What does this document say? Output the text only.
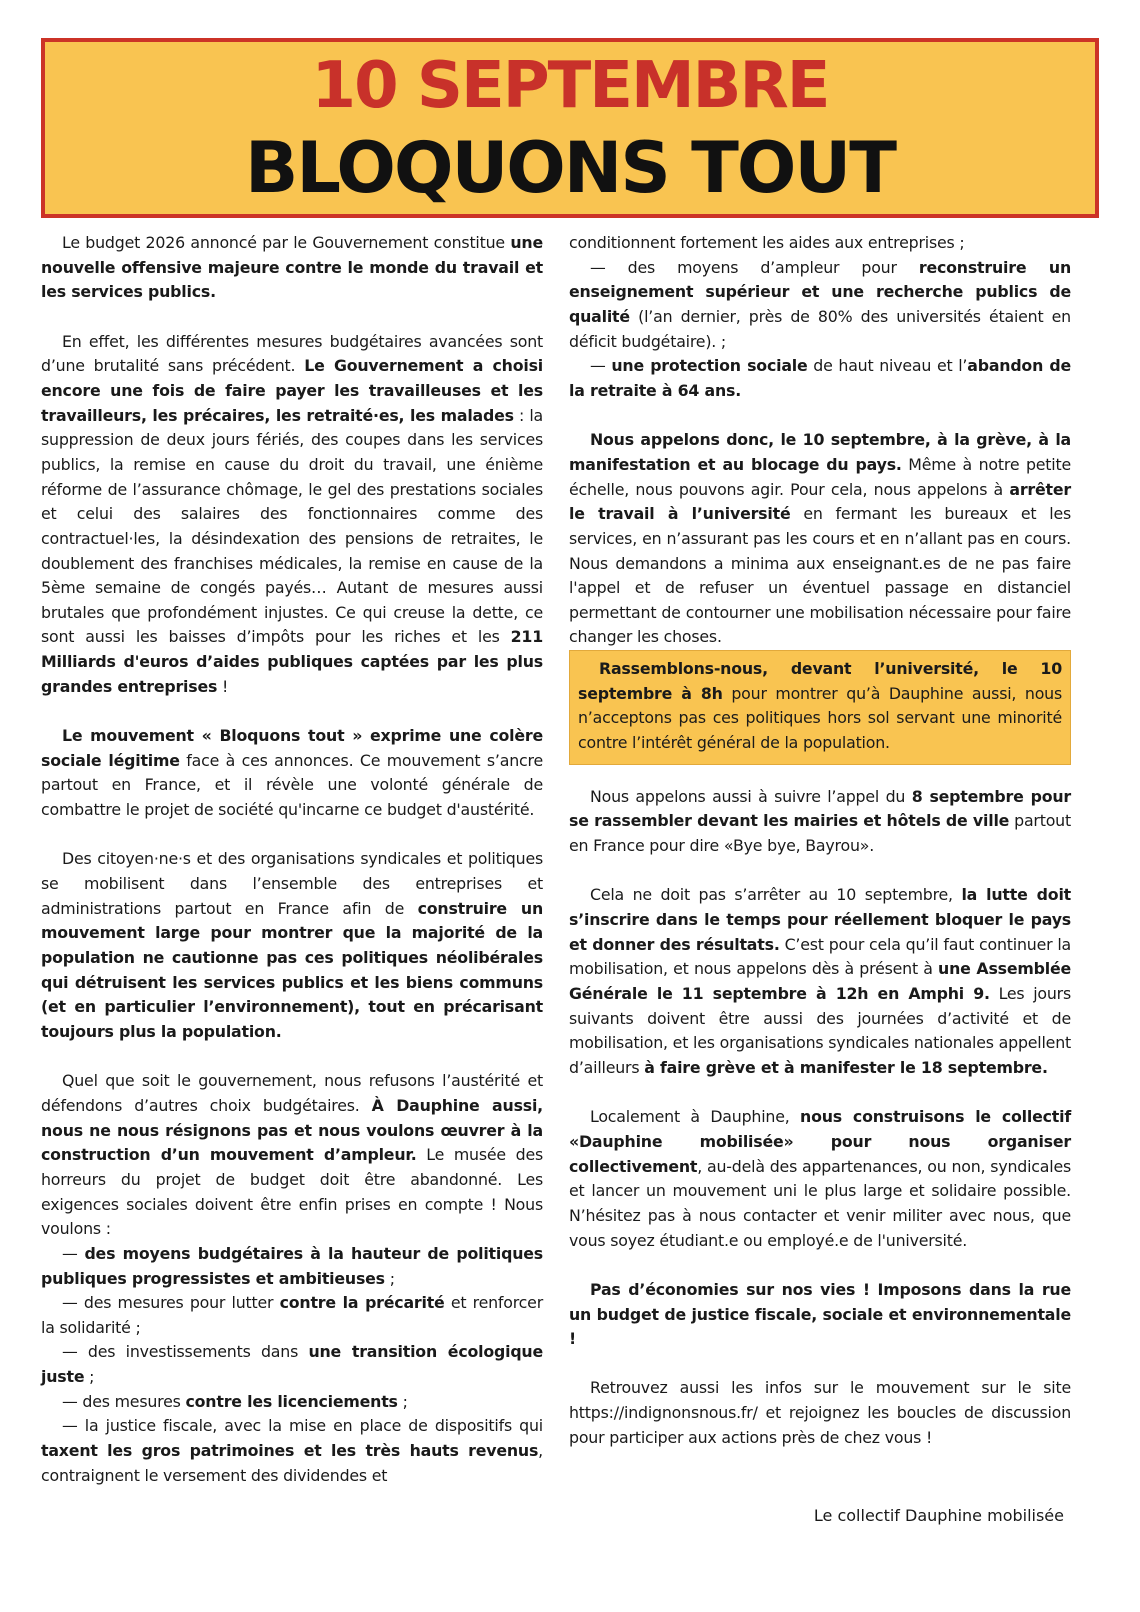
10 SEPTEMBRE
BLOQUONS TOUT

Le budget 2026 annoncé par le Gouvernement constitue une nouvelle offensive majeure contre le monde du travail et les services publics.

En effet, les différentes mesures budgétaires avancées sont d’une brutalité sans précédent. Le Gouvernement a choisi encore une fois de faire payer les travailleuses et les travailleurs, les précaires, les retraité·es, les malades : la suppression de deux jours fériés, des coupes dans les services publics, la remise en cause du droit du travail, une énième réforme de l’assurance chômage, le gel des prestations sociales et celui des salaires des fonctionnaires comme des contractuel·les, la désindexation des pensions de retraites, le doublement des franchises médicales, la remise en cause de la 5ème semaine de congés payés… Autant de mesures aussi brutales que profondément injustes. Ce qui creuse la dette, ce sont aussi les baisses d’impôts pour les riches et les 211 Milliards d'euros d’aides publiques captées par les plus grandes entreprises !

Le mouvement « Bloquons tout » exprime une colère sociale légitime face à ces annonces. Ce mouvement s’ancre partout en France, et il révèle une volonté générale de combattre le projet de société qu'incarne ce budget d'austérité.

Des citoyen·ne·s et des organisations syndicales et politiques se mobilisent dans l’ensemble des entreprises et administrations partout en France afin de construire un mouvement large pour montrer que la majorité de la population ne cautionne pas ces politiques néolibérales qui détruisent les services publics et les biens communs (et en particulier l’environnement), tout en précarisant toujours plus la population.

Quel que soit le gouvernement, nous refusons l’austérité et défendons d’autres choix budgétaires. À Dauphine aussi, nous ne nous résignons pas et nous voulons œuvrer à la construction d’un mouvement d’ampleur. Le musée des horreurs du projet de budget doit être abandonné. Les exigences sociales doivent être enfin prises en compte ! Nous voulons :

— des moyens budgétaires à la hauteur de politiques publiques progressistes et ambitieuses ;

— des mesures pour lutter contre la précarité et renforcer la solidarité ;

— des investissements dans une transition écologique juste ;

— des mesures contre les licenciements ;

— la justice fiscale, avec la mise en place de dispositifs qui taxent les gros patrimoines et les très hauts revenus, contraignent le versement des dividendes et

conditionnent fortement les aides aux entreprises ;

— des moyens d’ampleur pour reconstruire un enseignement supérieur et une recherche publics de qualité (l’an dernier, près de 80% des universités étaient en déficit budgétaire). ;

— une protection sociale de haut niveau et l’abandon de la retraite à 64 ans.

Nous appelons donc, le 10 septembre, à la grève, à la manifestation et au blocage du pays. Même à notre petite échelle, nous pouvons agir. Pour cela, nous appelons à arrêter le travail à l’université en fermant les bureaux et les services, en n’assurant pas les cours et en n’allant pas en cours. Nous demandons a minima aux enseignant.es de ne pas faire l'appel et de refuser un éventuel passage en distanciel permettant de contourner une mobilisation nécessaire pour faire changer les choses.

Rassemblons-nous, devant l’université, le 10 septembre à 8h pour montrer qu’à Dauphine aussi, nous n’acceptons pas ces politiques hors sol servant une minorité contre l’intérêt général de la population.

Nous appelons aussi à suivre l’appel du 8 septembre pour se rassembler devant les mairies et hôtels de ville partout en France pour dire «Bye bye, Bayrou».

Cela ne doit pas s’arrêter au 10 septembre, la lutte doit s’inscrire dans le temps pour réellement bloquer le pays et donner des résultats. C’est pour cela qu’il faut continuer la mobilisation, et nous appelons dès à présent à une Assemblée Générale le 11 septembre à 12h en Amphi 9. Les jours suivants doivent être aussi des journées d’activité et de mobilisation, et les organisations syndicales nationales appellent d’ailleurs à faire grève et à manifester le 18 septembre.

Localement à Dauphine, nous construisons le collectif «Dauphine mobilisée» pour nous organiser collectivement, au-delà des appartenances, ou non, syndicales et lancer un mouvement uni le plus large et solidaire possible. N’hésitez pas à nous contacter et venir militer avec nous, que vous soyez étudiant.e ou employé.e de l'université.

Pas d’économies sur nos vies ! Imposons dans la rue un budget de justice fiscale, sociale et environnementale !

Retrouvez aussi les infos sur le mouvement sur le site https://indignonsnous.fr/ et rejoignez les boucles de discussion pour participer aux actions près de chez vous !

Le collectif Dauphine mobilisée
